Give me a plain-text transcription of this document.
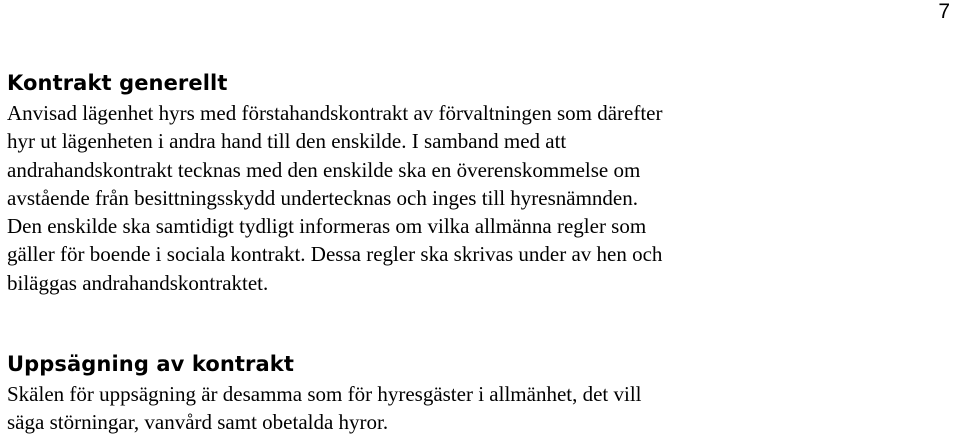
7
Kontrakt generellt

Anvisad lägenhet hyrs med förstahandskontrakt av förvaltningen som därefter
hyr ut lägenheten i andra hand till den enskilde. I samband med att
andrahandskontrakt tecknas med den enskilde ska en överenskommelse om
avstående från besittningsskydd undertecknas och inges till hyresnämnden.
Den enskilde ska samtidigt tydligt informeras om vilka allmänna regler som
gäller för boende i sociala kontrakt. Dessa regler ska skrivas under av hen och
biläggas andrahandskontraktet.

Uppsägning av kontrakt

Skälen för uppsägning är desamma som för hyresgäster i allmänhet, det vill
säga störningar, vanvård samt obetalda hyror.
